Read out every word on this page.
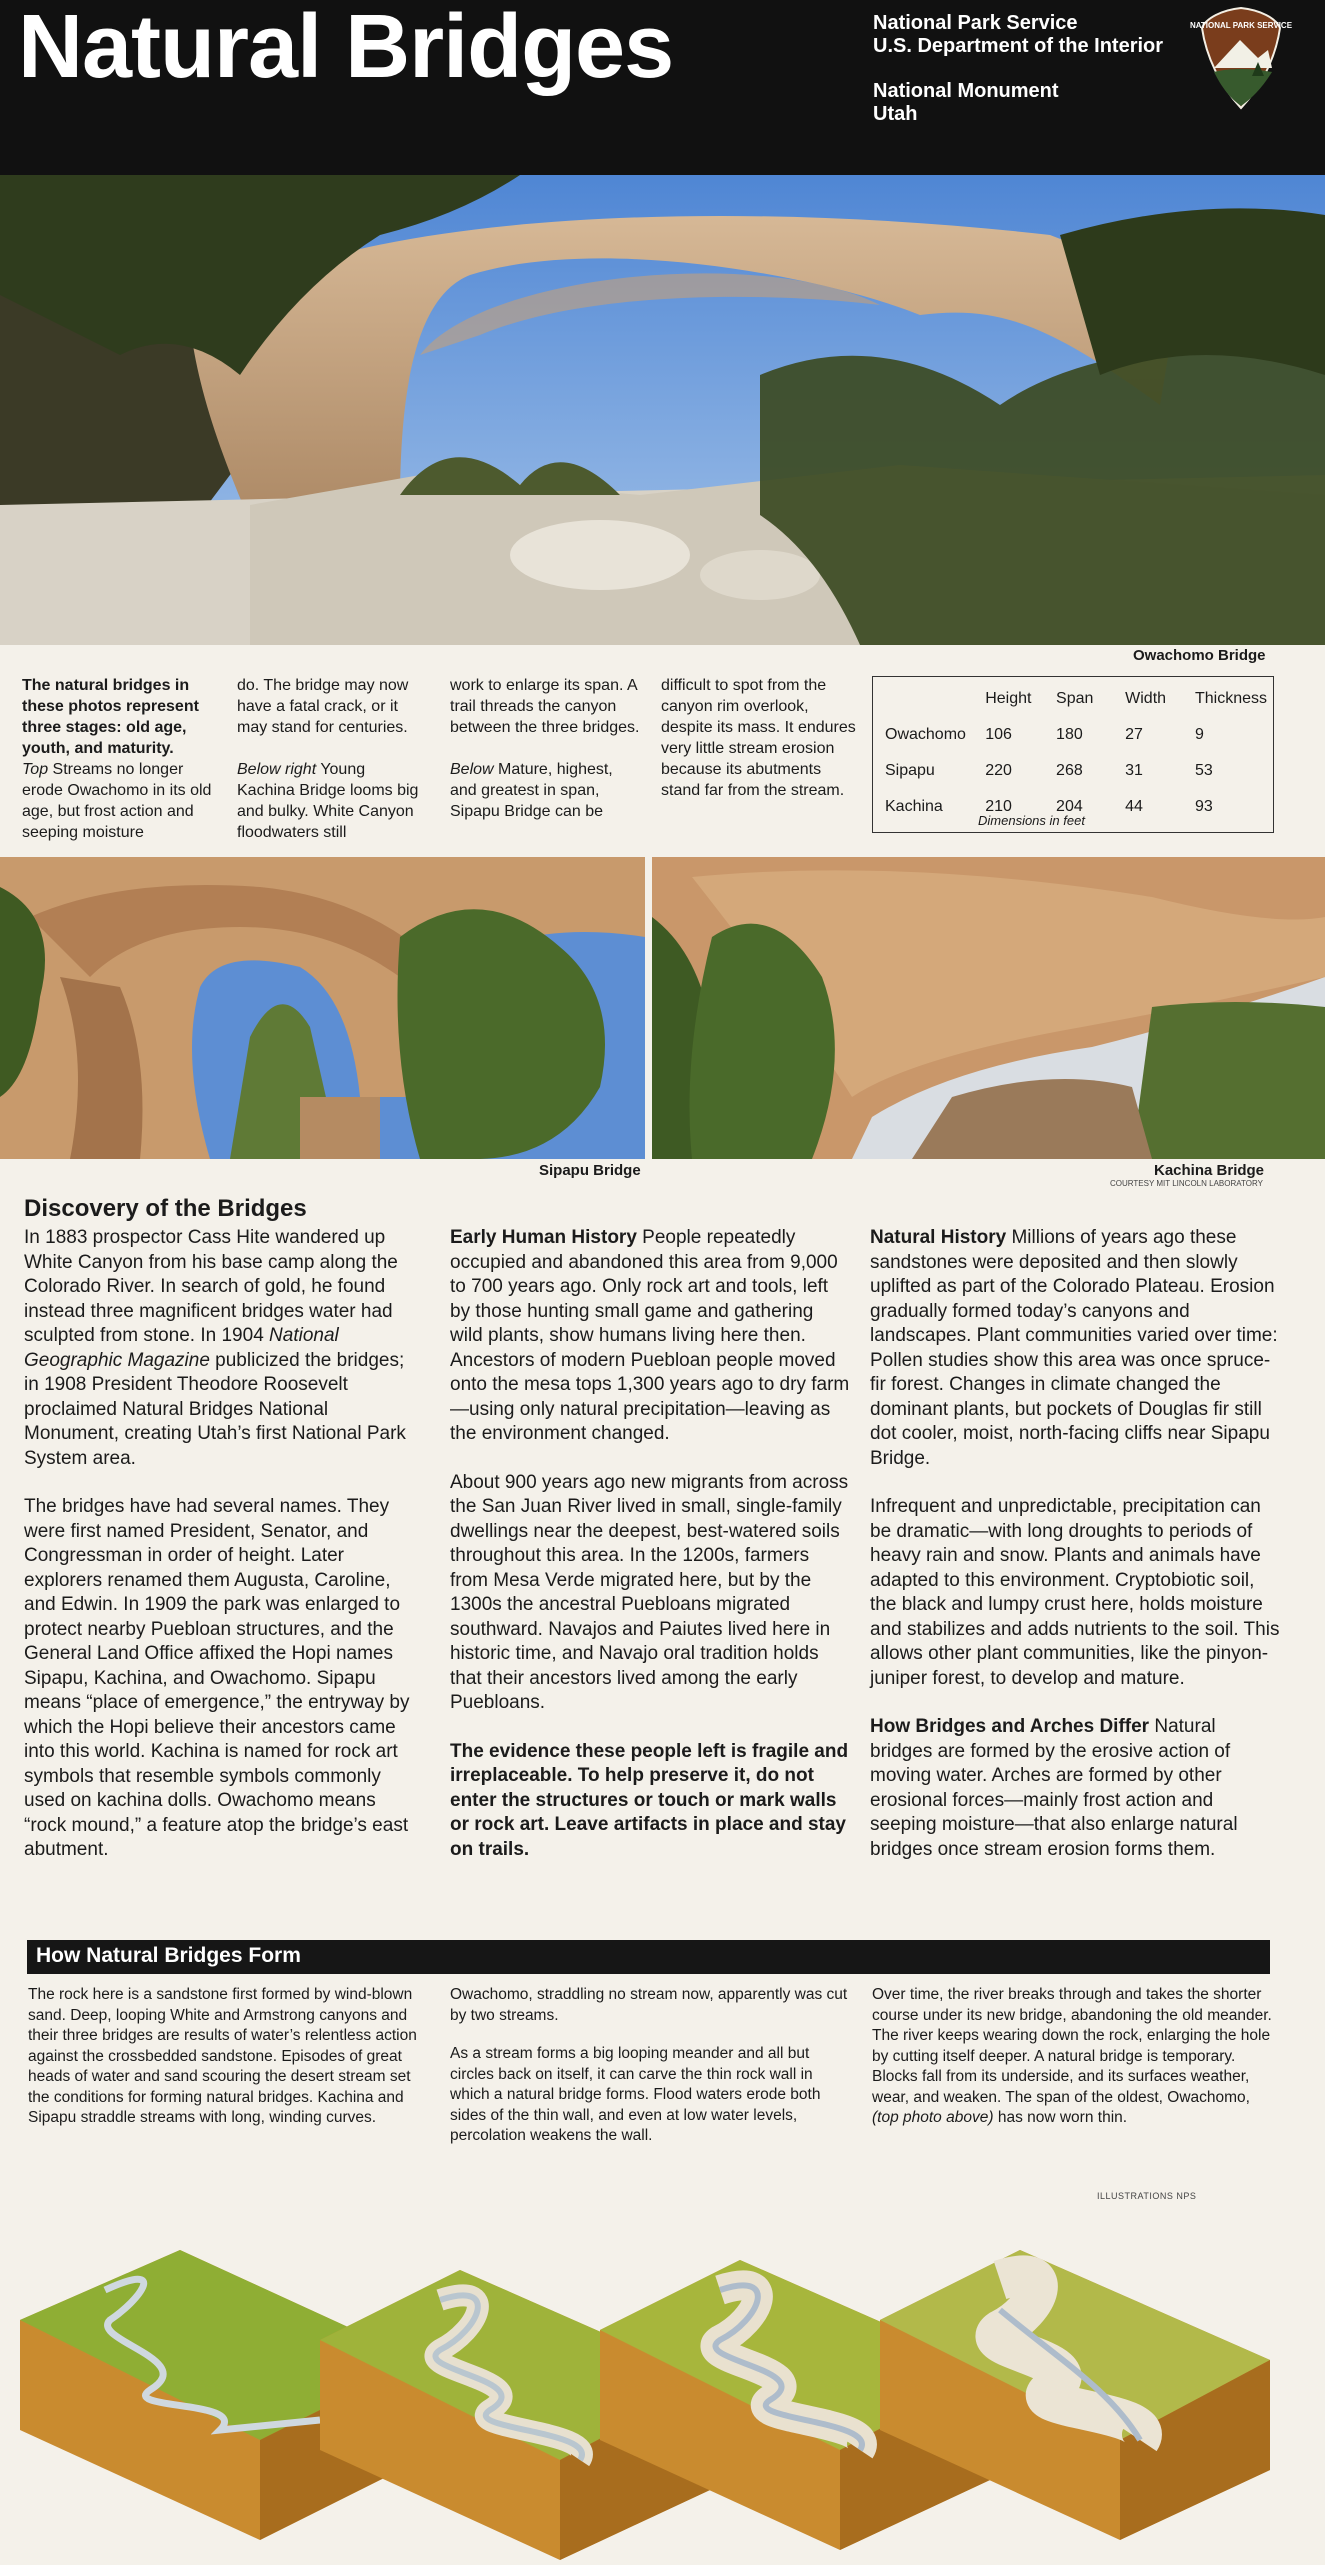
Natural Bridges	National Park Service
U.S. Department of the Interior
National Monument
Utah
NATIONAL PARK SERVICE
Owachomo Bridge
The natural bridges in these photos represent three stages: old age, youth, and maturity.
Top Streams no longer erode Owachomo in its old age, but frost action and seeping moisture
do. The bridge may now have a fatal crack, or it may stand for centuries.

Below right Young Kachina Bridge looms big and bulky. White Canyon floodwaters still
work to enlarge its span. A trail threads the canyon between the three bridges.

Below Mature, highest, and greatest in span, Sipapu Bridge can be
difficult to spot from the canyon rim overlook, despite its mass. It endures very little stream erosion because its abutments stand far from the stream.
	Height	Span	Width	Thickness
Owachomo	106	180	27	9
Sipapu	220	268	31	53
Kachina	210	204	44	93
Dimensions in feet
Sipapu Bridge	Kachina Bridge
COURTESY MIT LINCOLN LABORATORY
Discovery of the Bridges

In 1883 prospector Cass Hite wandered up White Canyon from his base camp along the Colorado River. In search of gold, he found instead three magnificent bridges water had sculpted from stone. In 1904 National Geographic Magazine publicized the bridges; in 1908 President Theodore Roosevelt proclaimed Natural Bridges National Monument, creating Utah’s first National Park System area.

The bridges have had several names. They were first named President, Senator, and Congressman in order of height. Later explorers renamed them Augusta, Caroline, and Edwin. In 1909 the park was enlarged to protect nearby Puebloan structures, and the General Land Office affixed the Hopi names Sipapu, Kachina, and Owachomo. Sipapu means “place of emergence,” the entryway by which the Hopi believe their ancestors came into this world. Kachina is named for rock art symbols that resemble symbols commonly used on kachina dolls. Owachomo means “rock mound,” a feature atop the bridge’s east abutment.

Early Human History People repeatedly occupied and abandoned this area from 9,000 to 700 years ago. Only rock art and tools, left by those hunting small game and gathering wild plants, show humans living here then. Ancestors of modern Puebloan people moved onto the mesa tops 1,300 years ago to dry farm—using only natural precipitation—leaving as the environment changed.

About 900 years ago new migrants from across the San Juan River lived in small, single-family dwellings near the deepest, best-watered soils throughout this area. In the 1200s, farmers from Mesa Verde migrated here, but by the 1300s the ancestral Puebloans migrated southward. Navajos and Paiutes lived here in historic time, and Navajo oral tradition holds that their ancestors lived among the early Puebloans.

The evidence these people left is fragile and irreplaceable. To help preserve it, do not enter the structures or touch or mark walls or rock art. Leave artifacts in place and stay on trails.

Natural History Millions of years ago these sandstones were deposited and then slowly uplifted as part of the Colorado Plateau. Erosion gradually formed today’s canyons and landscapes. Plant communities varied over time: Pollen studies show this area was once spruce-fir forest. Changes in climate changed the dominant plants, but pockets of Douglas fir still dot cooler, moist, north-facing cliffs near Sipapu Bridge.

Infrequent and unpredictable, precipitation can be dramatic—with long droughts to periods of heavy rain and snow. Plants and animals have adapted to this environment. Cryptobiotic soil, the black and lumpy crust here, holds moisture and stabilizes and adds nutrients to the soil. This allows other plant communities, like the pinyon-juniper forest, to develop and mature.

How Bridges and Arches Differ Natural bridges are formed by the erosive action of moving water. Arches are formed by other erosional forces—mainly frost action and seeping moisture—that also enlarge natural bridges once stream erosion forms them.

How Natural Bridges Form

The rock here is a sandstone first formed by wind-blown sand. Deep, looping White and Armstrong canyons and their three bridges are results of water’s relentless action against the crossbedded sandstone. Episodes of great heads of water and sand scouring the desert stream set the conditions for forming natural bridges. Kachina and Sipapu straddle streams with long, winding curves.

Owachomo, straddling no stream now, apparently was cut by two streams.

As a stream forms a big looping meander and all but circles back on itself, it can carve the thin rock wall in which a natural bridge forms. Flood waters erode both sides of the thin wall, and even at low water levels, percolation weakens the wall.

Over time, the river breaks through and takes the shorter course under its new bridge, abandoning the old meander. The river keeps wearing down the rock, enlarging the hole by cutting itself deeper. A natural bridge is temporary. Blocks fall from its underside, and its surfaces weather, wear, and weaken. The span of the oldest, Owachomo, (top photo above) has now worn thin.

ILLUSTRATIONS NPS
